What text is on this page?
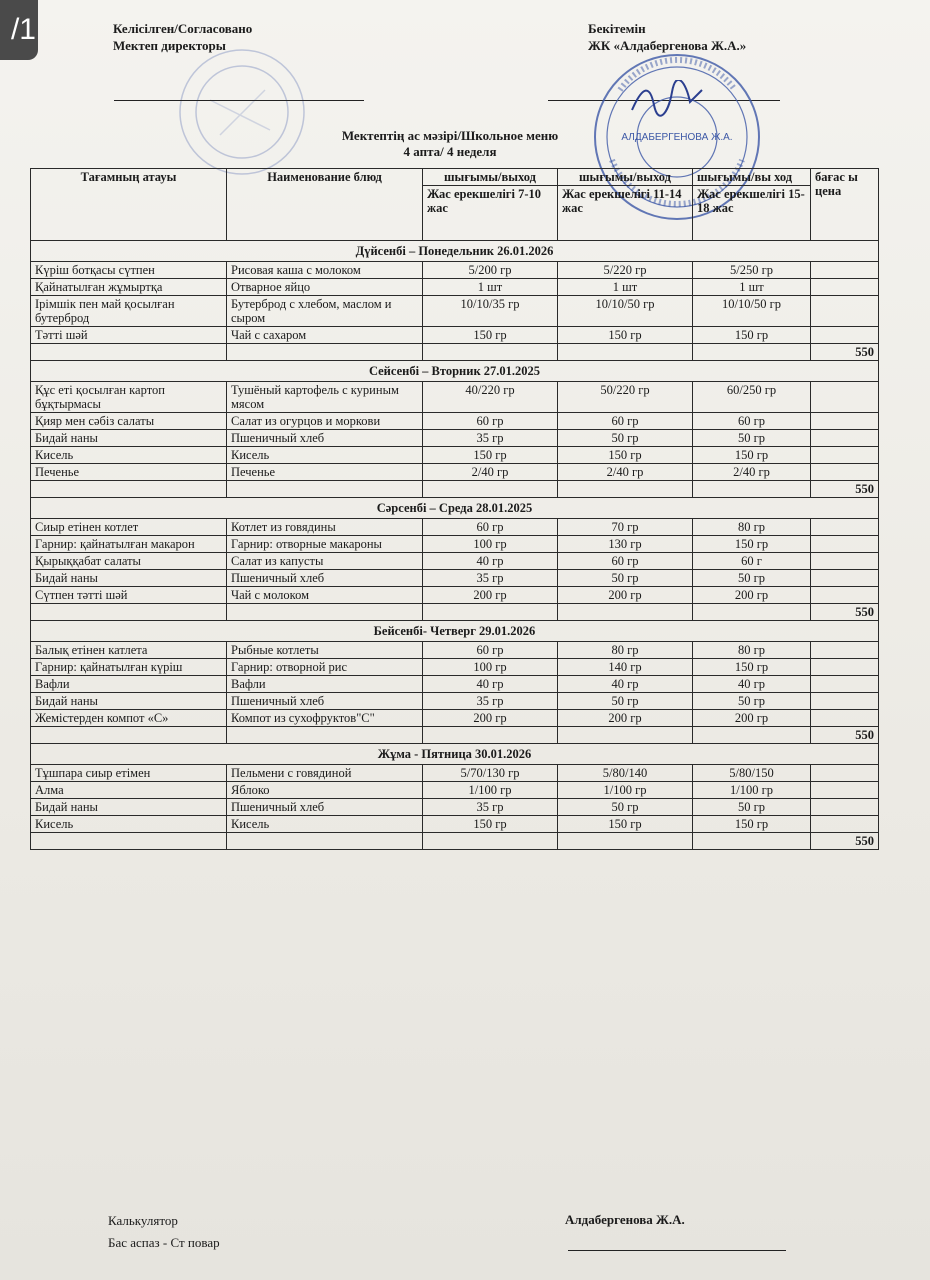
/1	Келісілген/Согласовано
Мектеп директоры
Бекітемін
ЖК «Алдабергенова Ж.А.»
АЛДАБЕРГЕНОВА Ж.А.
Мектептің ас мәзірі/Школьное меню
4 апта/ 4 неделя
Тағамның атауы	Наименование блюд	шығымы/выход	шығымы/выход	шығымы/вы ход	бағас ы цена
		Жас ерекшелігі 7-10 жас	Жас ерекшелігі 11-14 жас	Жас ерекшелігі 15-18 жас	
Дүйсенбі – Понедельник 26.01.2026					
Күріш ботқасы сүтпен	Рисовая каша с молоком	5/200 гр	5/220 гр	5/250 гр	
Қайнатылған жұмыртқа	Отварное яйцо	1 шт	1 шт	1 шт	
Ірімшік пен май қосылған бутерброд	Бутерброд с хлебом, маслом и сыром	10/10/35 гр	10/10/50 гр	10/10/50 гр	
Тәтті шәй	Чай с сахаром	150 гр	150 гр	150 гр	
					550
Сейсенбі – Вторник 27.01.2025					
Құс еті қосылған картоп бұқтырмасы	Тушёный картофель с куриным мясом	40/220 гр	50/220 гр	60/250 гр	
Қияр мен сәбіз салаты	Салат из огурцов и моркови	60 гр	60 гр	60 гр	
Бидай наны	Пшеничный хлеб	35 гр	50 гр	50 гр	
Кисель	Кисель	150 гр	150 гр	150 гр	
Печенье	Печенье	2/40 гр	2/40 гр	2/40 гр	
					550
Сәрсенбі – Среда 28.01.2025					
Сиыр етінен котлет	Котлет из говядины	60 гр	70 гр	80 гр	
Гарнир: қайнатылған макарон	Гарнир: отворные макароны	100 гр	130 гр	150 гр	
Қырыққабат салаты	Салат из капусты	40 гр	60 гр	60 г	
Бидай наны	Пшеничный хлеб	35 гр	50 гр	50 гр	
Сүтпен тәтті шәй	Чай с молоком	200 гр	200 гр	200 гр	
					550
Бейсенбі- Четверг 29.01.2026					
Балық етінен катлета	Рыбные котлеты	60 гр	80 гр	80 гр	
Гарнир: қайнатылған күріш	Гарнир: отворной рис	100 гр	140 гр	150 гр	
Вафли	Вафли	40 гр	40 гр	40 гр	
Бидай наны	Пшеничный хлеб	35 гр	50 гр	50 гр	
Жемістерден компот «С»	Компот из сухофруктов"С"	200 гр	200 гр	200 гр	
					550
Жұма - Пятница 30.01.2026					
Тұшпара сиыр етімен	Пельмени с говядиной	5/70/130 гр	5/80/140	5/80/150	
Алма	Яблоко	1/100 гр	1/100 гр	1/100 гр	
Бидай наны	Пшеничный хлеб	35 гр	50 гр	50 гр	
Кисель	Кисель	150 гр	150 гр	150 гр	
					550
Калькулятор
Бас аспаз - Ст повар
Алдабергенова Ж.А.
